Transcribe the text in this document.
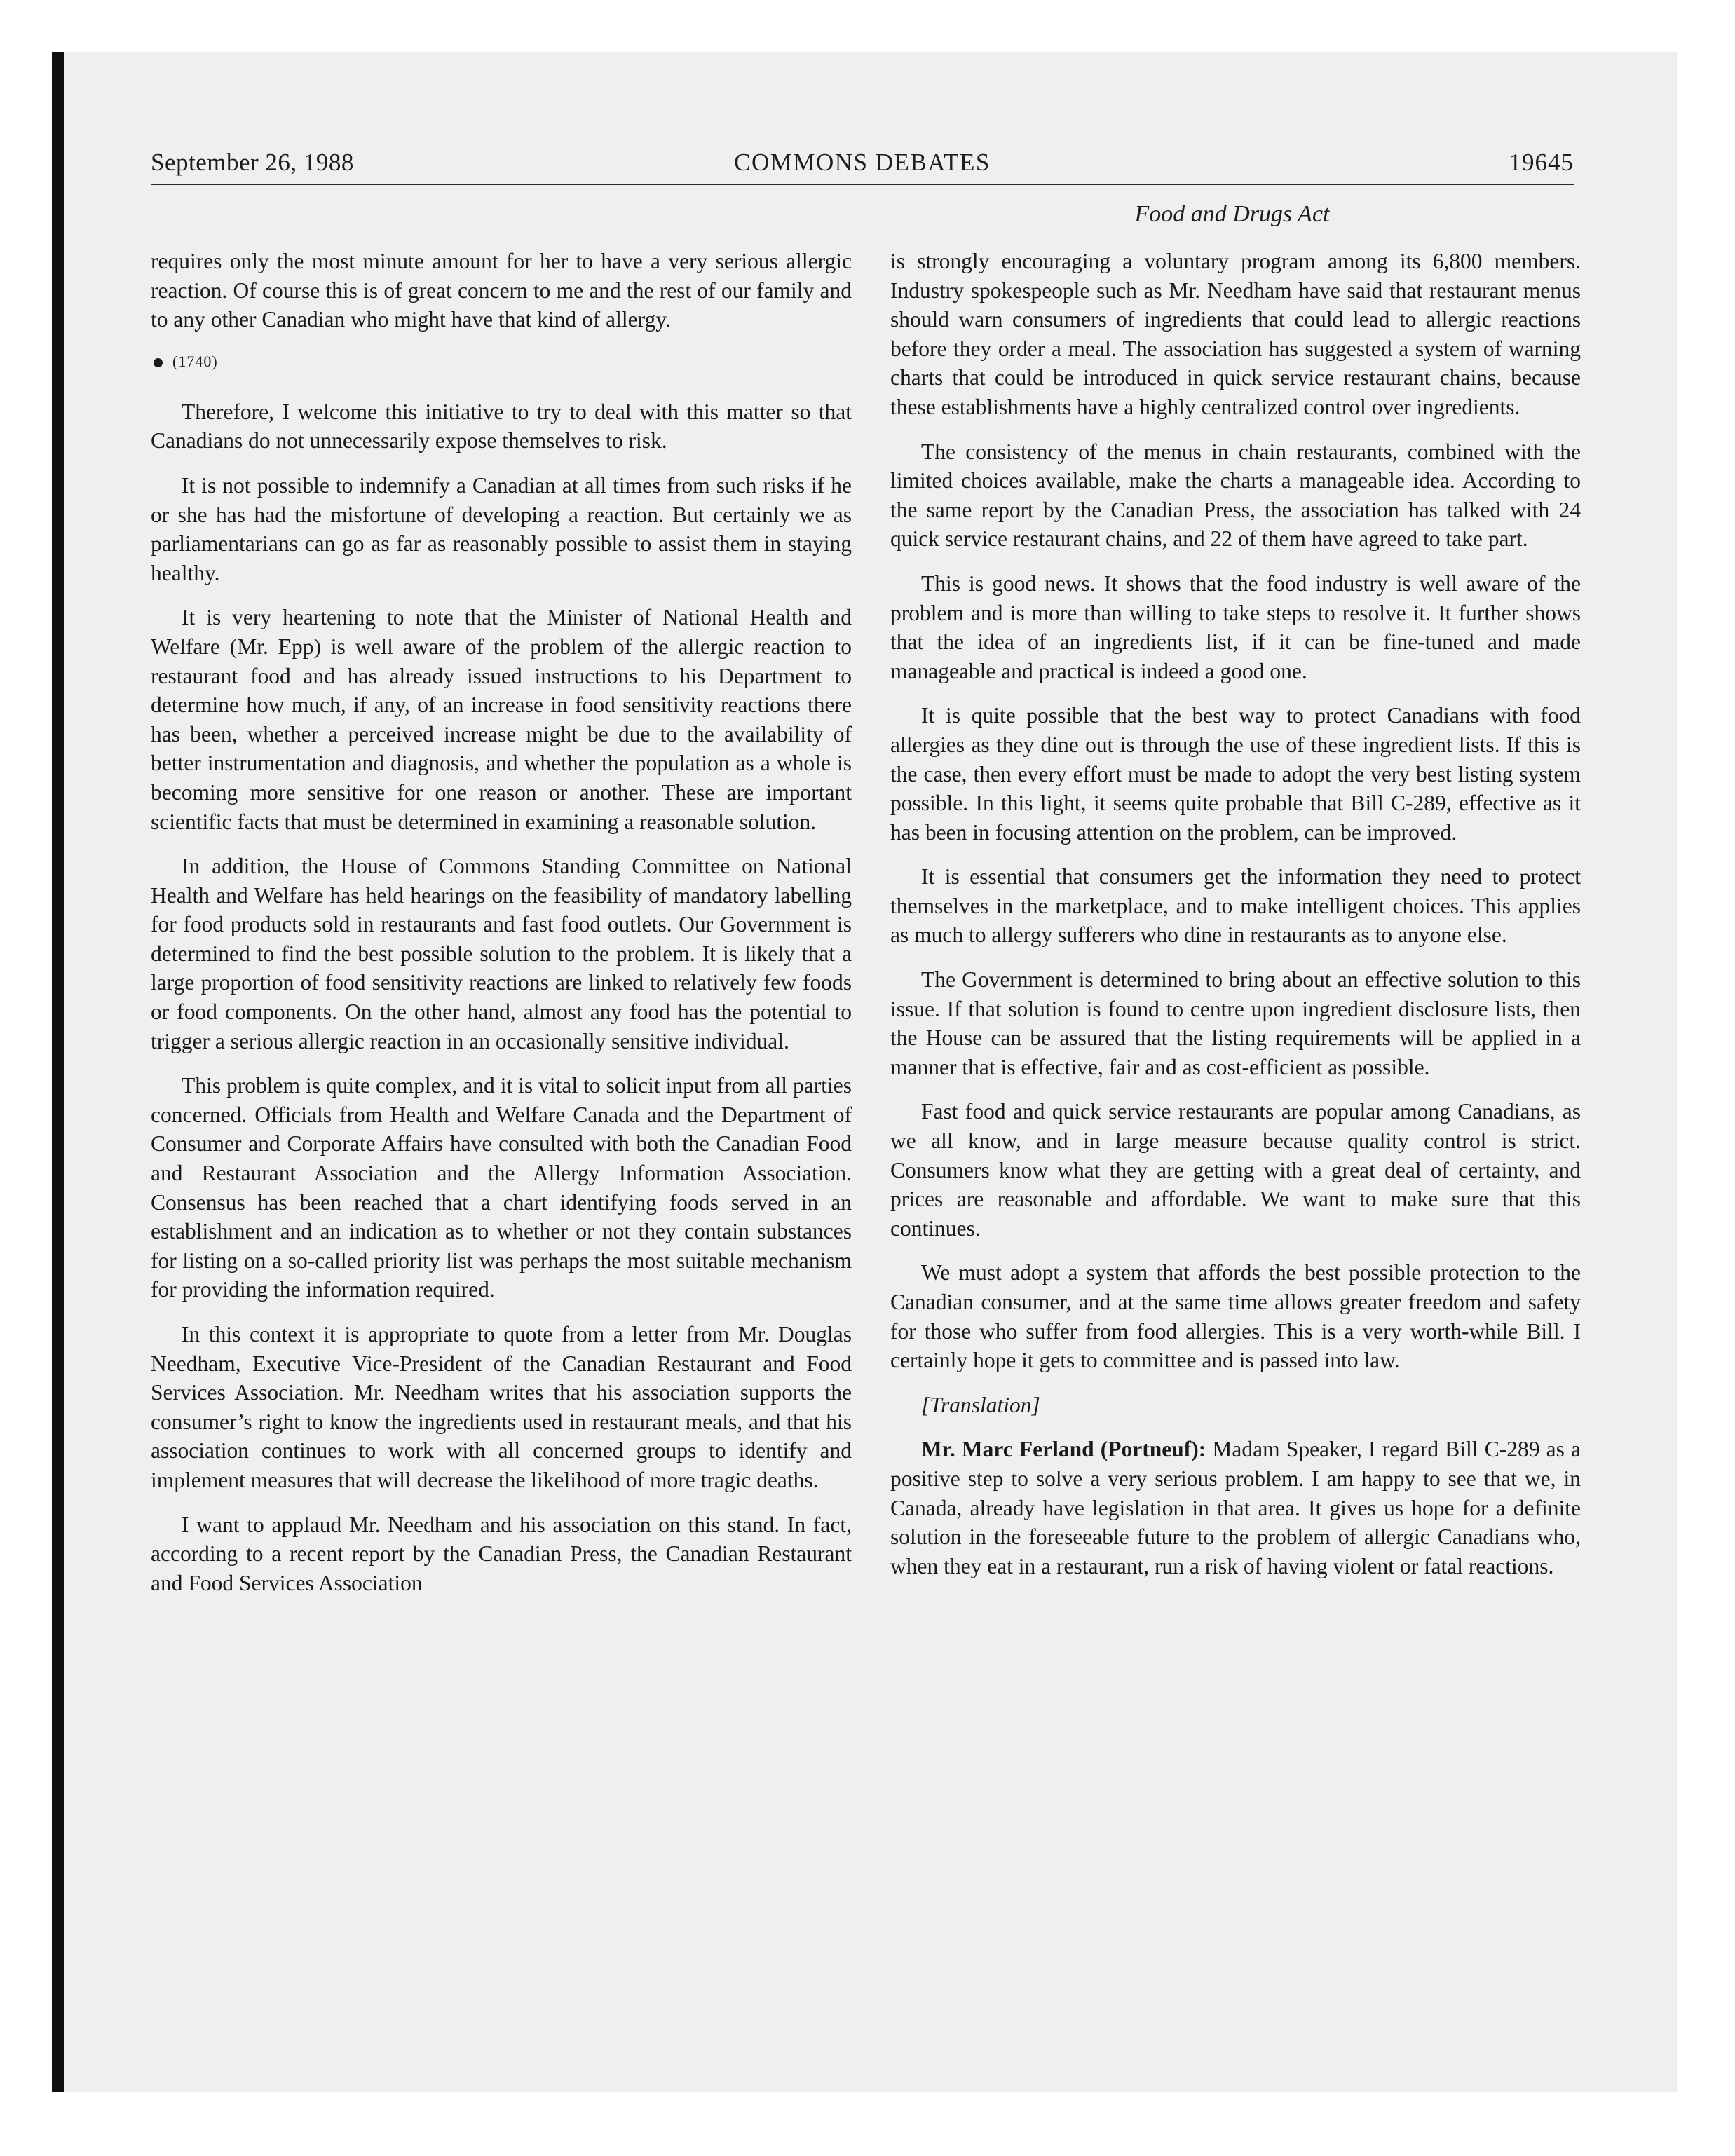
September 26, 1988	COMMONS DEBATES	19645
Food and Drugs Act

requires only the most minute amount for her to have a very serious allergic reaction. Of course this is of great concern to me and the rest of our family and to any other Canadian who might have that kind of allergy.

(1740)

Therefore, I welcome this initiative to try to deal with this matter so that Canadians do not unnecessarily expose themselves to risk.

It is not possible to indemnify a Canadian at all times from such risks if he or she has had the misfortune of developing a reaction. But certainly we as parliamentarians can go as far as reasonably possible to assist them in staying healthy.

It is very heartening to note that the Minister of National Health and Welfare (Mr. Epp) is well aware of the problem of the allergic reaction to restaurant food and has already issued instructions to his Department to determine how much, if any, of an increase in food sensitivity reactions there has been, whether a perceived increase might be due to the availability of better instrumentation and diagnosis, and whether the population as a whole is becoming more sensitive for one reason or another. These are important scientific facts that must be determined in examining a reasonable solution.

In addition, the House of Commons Standing Committee on National Health and Welfare has held hearings on the feasibility of mandatory labelling for food products sold in restaurants and fast food outlets. Our Government is determined to find the best possible solution to the problem. It is likely that a large proportion of food sensitivity reactions are linked to relatively few foods or food components. On the other hand, almost any food has the potential to trigger a serious allergic reaction in an occasionally sensitive individual.

This problem is quite complex, and it is vital to solicit input from all parties concerned. Officials from Health and Welfare Canada and the Department of Consumer and Corporate Affairs have consulted with both the Canadian Food and Restaurant Association and the Allergy Information Association. Consensus has been reached that a chart identifying foods served in an establishment and an indication as to whether or not they contain substances for listing on a so-called priority list was perhaps the most suitable mechanism for providing the information required.

In this context it is appropriate to quote from a letter from Mr. Douglas Needham, Executive Vice-President of the Canadian Restaurant and Food Services Association. Mr. Needham writes that his association supports the consumer’s right to know the ingredients used in restaurant meals, and that his association continues to work with all concerned groups to identify and implement measures that will decrease the likelihood of more tragic deaths.

I want to applaud Mr. Needham and his association on this stand. In fact, according to a recent report by the Canadian Press, the Canadian Restaurant and Food Services Association

is strongly encouraging a voluntary program among its 6,800 members. Industry spokespeople such as Mr. Needham have said that restaurant menus should warn consumers of ingredients that could lead to allergic reactions before they order a meal. The association has suggested a system of warning charts that could be introduced in quick service restaurant chains, because these establishments have a highly centralized control over ingredients.

The consistency of the menus in chain restaurants, combined with the limited choices available, make the charts a manageable idea. According to the same report by the Canadian Press, the association has talked with 24 quick service restaurant chains, and 22 of them have agreed to take part.

This is good news. It shows that the food industry is well aware of the problem and is more than willing to take steps to resolve it. It further shows that the idea of an ingredients list, if it can be fine-tuned and made manageable and practical is indeed a good one.

It is quite possible that the best way to protect Canadians with food allergies as they dine out is through the use of these ingredient lists. If this is the case, then every effort must be made to adopt the very best listing system possible. In this light, it seems quite probable that Bill C-289, effective as it has been in focusing attention on the problem, can be improved.

It is essential that consumers get the information they need to protect themselves in the marketplace, and to make intelligent choices. This applies as much to allergy sufferers who dine in restaurants as to anyone else.

The Government is determined to bring about an effective solution to this issue. If that solution is found to centre upon ingredient disclosure lists, then the House can be assured that the listing requirements will be applied in a manner that is effective, fair and as cost-efficient as possible.

Fast food and quick service restaurants are popular among Canadians, as we all know, and in large measure because quality control is strict. Consumers know what they are getting with a great deal of certainty, and prices are reasonable and affordable. We want to make sure that this continues.

We must adopt a system that affords the best possible protection to the Canadian consumer, and at the same time allows greater freedom and safety for those who suffer from food allergies. This is a very worth-while Bill. I certainly hope it gets to committee and is passed into law.

[Translation]

Mr. Marc Ferland (Portneuf): Madam Speaker, I regard Bill C-289 as a positive step to solve a very serious problem. I am happy to see that we, in Canada, already have legislation in that area. It gives us hope for a definite solution in the foreseeable future to the problem of allergic Canadians who, when they eat in a restaurant, run a risk of having violent or fatal reactions.
